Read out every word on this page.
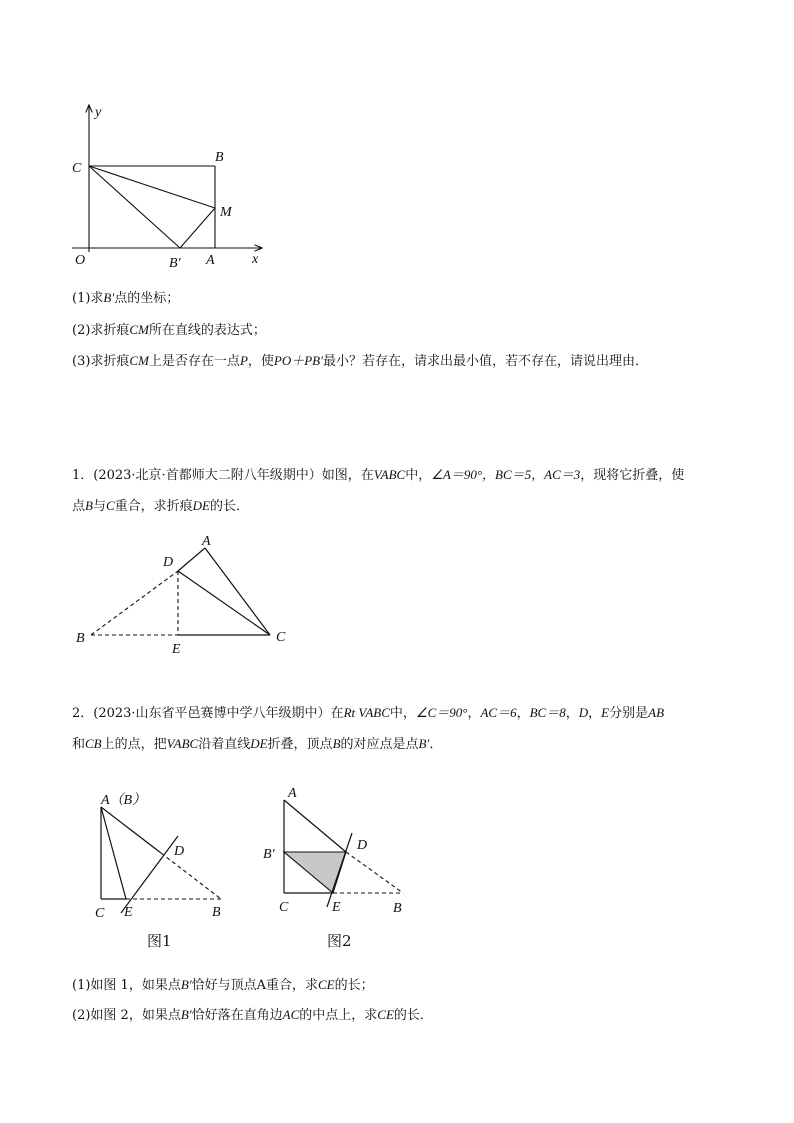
y
x
O
C
B
M
B′ A
(1)求B′点的坐标；
(2)求折痕CM所在直线的表达式；
(3)求折痕CM上是否存在一点P，使PO＋PB′最小？若存在，请求出最小值，若不存在，请说出理由．
1．(2023·北京·首都师大二附八年级期中）如图，在VABC中，∠A＝90°，BC＝5，AC＝3，现将它折叠，使
点B与C重合，求折痕DE的长．
A
D
B
E
C
2．(2023·山东省平邑赛博中学八年级期中）在Rt VABC中，∠C＝90°，AC＝6，BC＝8，D，E分别是AB
和CB上的点，把VABC沿着直线DE折叠，顶点B的对应点是点B′．
A（B）
D
C E	B
图1
A
B′
D
C	E	B
图2
(1)如图 1，如果点B′恰好与顶点A重合，求CE的长；
(2)如图 2，如果点B′恰好落在直角边AC的中点上，求CE的长．
